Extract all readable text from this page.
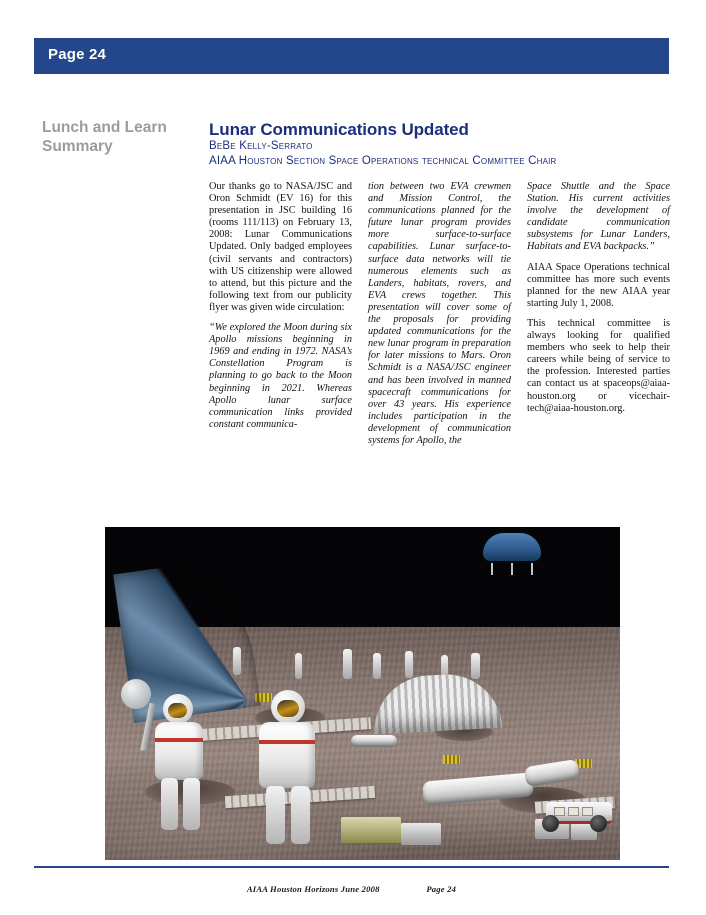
Page 24
Lunch and Learn Summary
Lunar Communications Updated
BeBe Kelly-Serrato
AIAA Houston Section Space Operations technical Committee Chair

Our thanks go to NASA/JSC and Oron Schmidt (EV 16) for this presentation in JSC building 16 (rooms 111/113) on February 13, 2008: Lunar Communications Updated. Only badged employees (civil servants and contractors) with US citizenship were allowed to attend, but this picture and the following text from our publicity flyer was given wide circulation:

“We explored the Moon during six Apollo missions beginning in 1969 and ending in 1972. NASA’s Constellation Program is planning to go back to the Moon beginning in 2021. Whereas Apollo lunar surface communication links provided constant communica-

tion between two EVA crewmen and Mission Control, the communications planned for the future lunar program provides more surface-to-surface capabilities. Lunar surface-to-surface data networks will tie numerous elements such as Landers, habitats, rovers, and EVA crews together. This presentation will cover some of the proposals for providing updated communications for the new lunar program in preparation for later missions to Mars. Oron Schmidt is a NASA/JSC engineer and has been involved in manned spacecraft communications for over 43 years. His experience includes participation in the development of communication systems for Apollo, the

Space Shuttle and the Space Station. His current activities involve the development of candidate communication subsystems for Lunar Landers, Habitats and EVA backpacks.”

AIAA Space Operations technical committee has more such events planned for the new AIAA year starting July 1, 2008.

This technical committee is always looking for qualified members who seek to help their careers while being of service to the profession. Interested parties can contact us at spaceops@aiaa-houston.org or vicechair-tech@aiaa-houston.org.

AIAA Houston Horizons June 2008	Page 24
